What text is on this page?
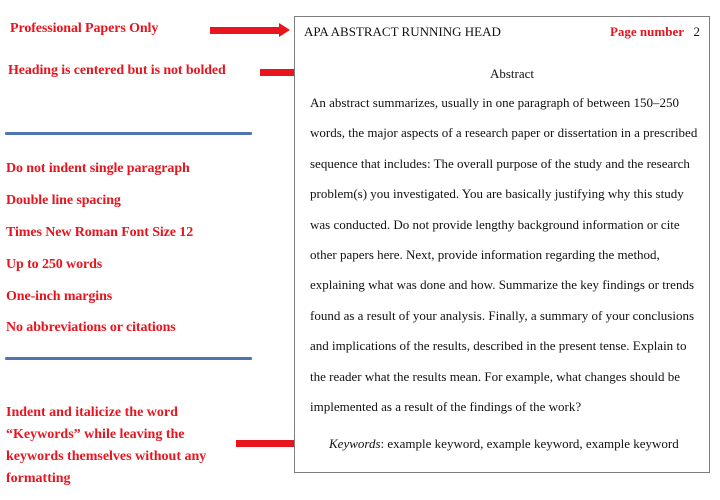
Professional Papers Only
Heading is centered but is not bolded
Do not indent single paragraph
Double line spacing
Times New Roman Font Size 12
Up to 250 words
One-inch margins
No abbreviations or citations
Indent and italicize the word
“Keywords” while leaving the
keywords themselves without any
formatting
APA ABSTRACT RUNNING HEAD	Page number 2
Abstract
An abstract summarizes, usually in one paragraph of between 150–250
words, the major aspects of a research paper or dissertation in a prescribed
sequence that includes: The overall purpose of the study and the research
problem(s) you investigated. You are basically justifying why this study
was conducted. Do not provide lengthy background information or cite
other papers here. Next, provide information regarding the method,
explaining what was done and how. Summarize the key findings or trends
found as a result of your analysis. Finally, a summary of your conclusions
and implications of the results, described in the present tense. Explain to
the reader what the results mean. For example, what changes should be
implemented as a result of the findings of the work?
Keywords: example keyword, example keyword, example keyword
